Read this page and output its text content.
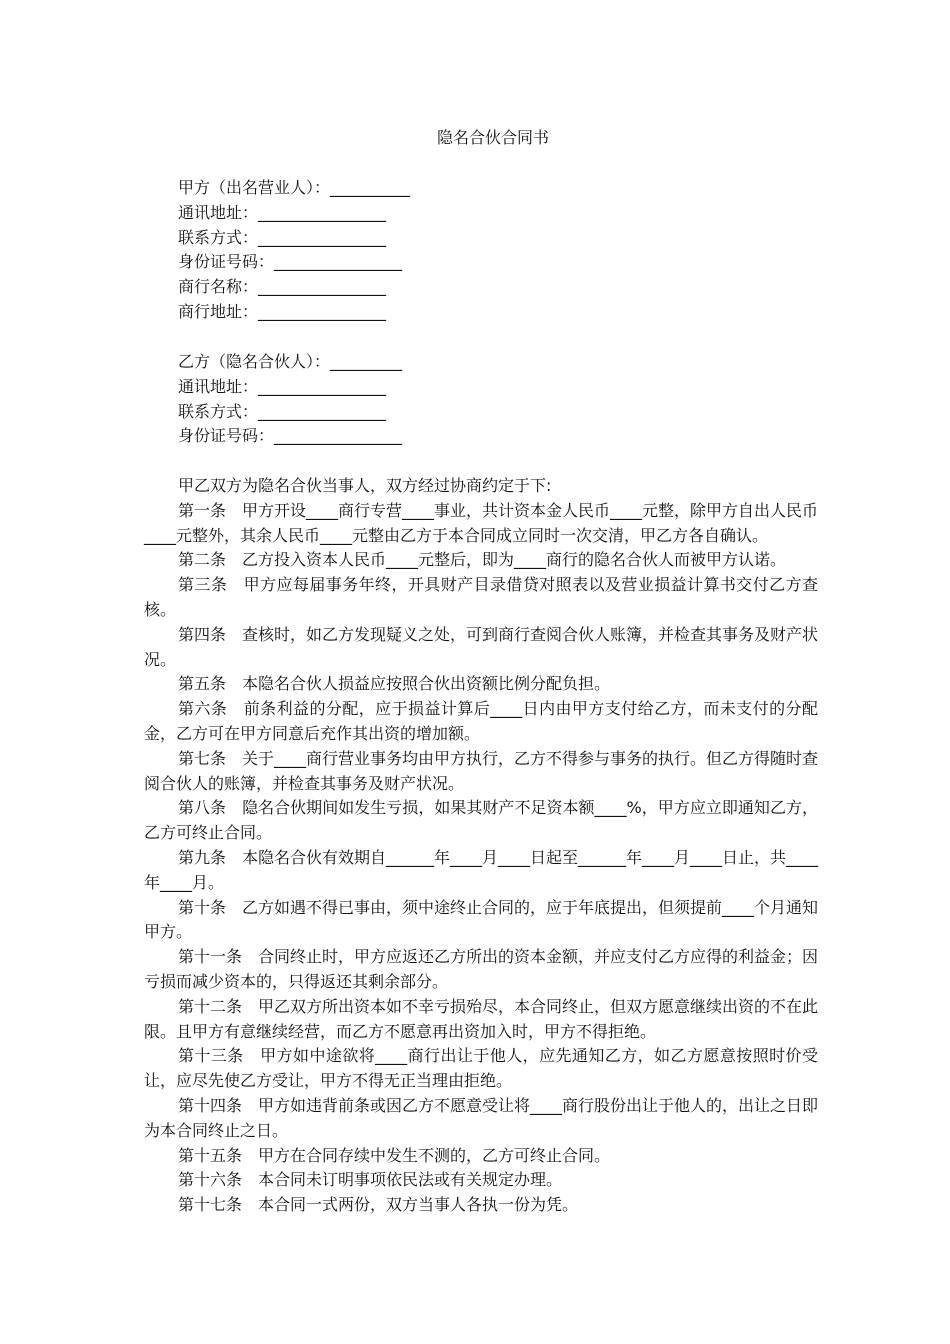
隐名合伙合同书
甲方（出名营业人）：__________
通讯地址：________________
联系方式：________________
身份证号码：________________
商行名称：________________
商行地址：________________
乙方（隐名合伙人）：_________
通讯地址：________________
联系方式：________________
身份证号码：________________

甲乙双方为隐名合伙当事人，双方经过协商约定于下:

第一条　甲方开设____商行专营____事业，共计资本金人民币____元整，除甲方自出人民币____元整外，其余人民币____元整由乙方于本合同成立同时一次交清，甲乙方各自确认。

第二条　乙方投入资本人民币____元整后，即为____商行的隐名合伙人而被甲方认诺。

第三条　甲方应每届事务年终，开具财产目录借贷对照表以及营业损益计算书交付乙方查核。

第四条　查核时，如乙方发现疑义之处，可到商行查阅合伙人账簿，并检查其事务及财产状况。

第五条　本隐名合伙人损益应按照合伙出资额比例分配负担。

第六条　前条利益的分配，应于损益计算后____日内由甲方支付给乙方，而未支付的分配金，乙方可在甲方同意后充作其出资的增加额。

第七条　关于____商行营业事务均由甲方执行，乙方不得参与事务的执行。但乙方得随时查阅合伙人的账簿，并检查其事务及财产状况。

第八条　隐名合伙期间如发生亏损，如果其财产不足资本额____%，甲方应立即通知乙方，乙方可终止合同。

第九条　本隐名合伙有效期自______年____月____日起至______年____月____日止，共____年____月。

第十条　乙方如遇不得已事由，须中途终止合同的，应于年底提出，但须提前____个月通知甲方。

第十一条　合同终止时，甲方应返还乙方所出的资本金额，并应支付乙方应得的利益金；因亏损而减少资本的，只得返还其剩余部分。

第十二条　甲乙双方所出资本如不幸亏损殆尽，本合同终止，但双方愿意继续出资的不在此限。且甲方有意继续经营，而乙方不愿意再出资加入时，甲方不得拒绝。

第十三条　甲方如中途欲将____商行出让于他人，应先通知乙方，如乙方愿意按照时价受让，应尽先使乙方受让，甲方不得无正当理由拒绝。

第十四条　甲方如违背前条或因乙方不愿意受让将____商行股份出让于他人的，出让之日即为本合同终止之日。

第十五条　甲方在合同存续中发生不测的，乙方可终止合同。

第十六条　本合同未订明事项依民法或有关规定办理。

第十七条　本合同一式两份，双方当事人各执一份为凭。
